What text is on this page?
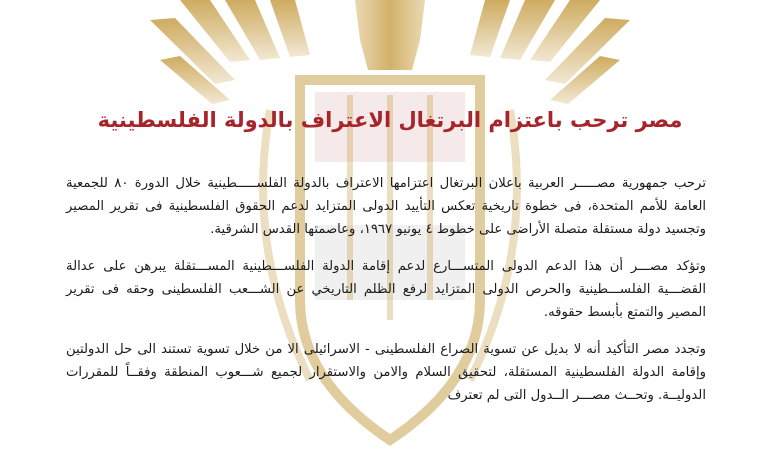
مصر ترحب باعتزام البرتغال الاعتراف بالدولة الفلسطينية

ترحب جمهورية مصـــــر العربية باعلان البرتغال اعتزامها الاعتراف بالدولة الفلســـــطينية خلال الدورة ٨٠ للجمعية العامة للأمم المتحدة، فى خطوة تاريخية تعكس التأييد الدولى المتزايد لدعم الحقوق الفلسطينية فى تقرير المصير وتجسيد دولة مستقلة متصلة الأراضى على خطوط ٤ يونيو ١٩٦٧، وعاصمتها القدس الشرقية.

وتؤكد مصـــر أن هذا الدعم الدولى المتســـارع لدعم إقامة الدولة الفلســـطينية المســـتقلة يبرهن على عدالة القضـــية الفلســـطينية والحرص الدولى المتزايد لرفع الظلم التاريخي عن الشـــعب الفلسطينى وحقه فى تقرير المصير والتمتع بأبسط حقوقه.

وتجدد مصر التأكيد أنه لا بديل عن تسوية الصراع الفلسطينى - الاسرائيلى الا من خلال تسوية تستند الى حل الدولتين وإقامة الدولة الفلسطينية المستقلة، لتحقيق السلام والامن والاستقرار لجميع شـــعوب المنطقة وفقــاً للمقررات الدوليــة. وتحــث مصـــر الــدول التى لم تعترف
